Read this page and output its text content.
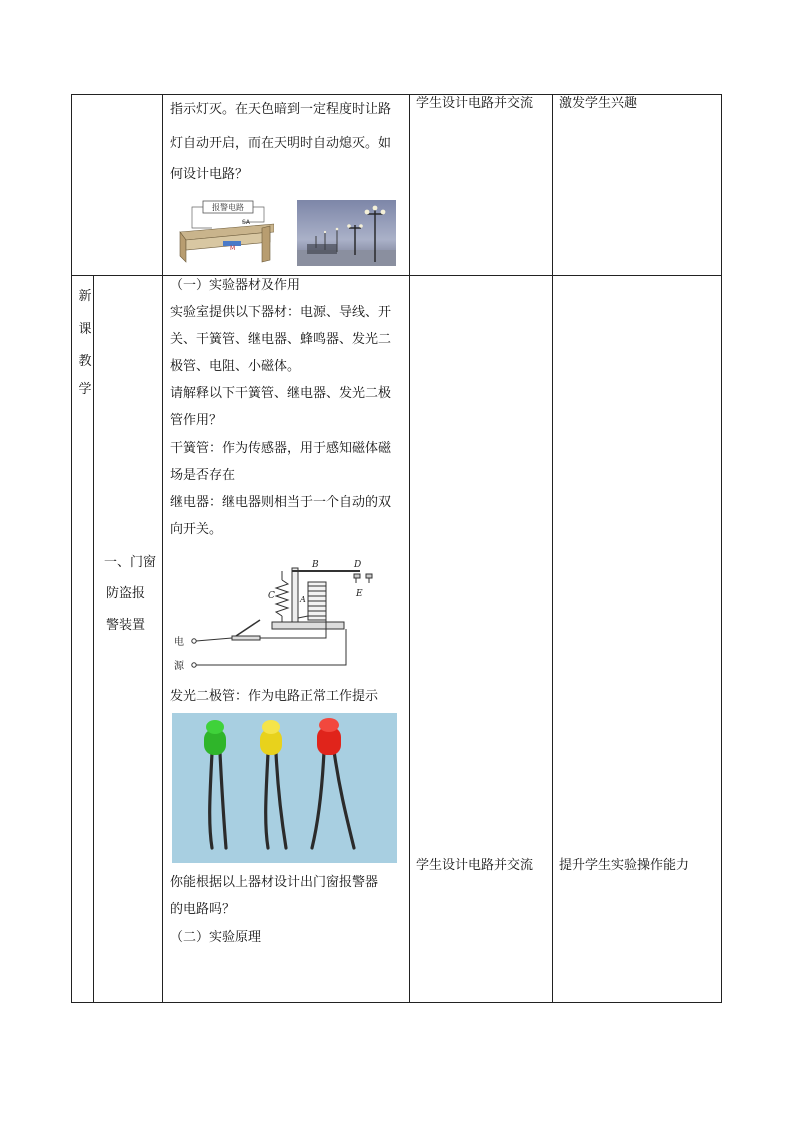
指示灯灭。在天色暗到一定程度时让路
灯自动开启，而在天明时自动熄灭。如
何设计电路？
学生设计电路并交流 激发学生兴趣
报警电路
SA
M
新
课
教
学
一、门窗
防盗报
警装置
（一）实验器材及作用
实验室提供以下器材：电源、导线、开
关、干簧管、继电器、蜂鸣器、发光二
极管、电阻、小磁体。
请解释以下干簧管、继电器、发光二极
管作用？
干簧管：作为传感器，用于感知磁体磁
场是否存在
继电器：继电器则相当于一个自动的双
向开关。
B
C	A
D
E
电
源
发光二极管：作为电路正常工作提示
你能根据以上器材设计出门窗报警器
的电路吗？
（二）实验原理
学生设计电路并交流 提升学生实验操作能力
